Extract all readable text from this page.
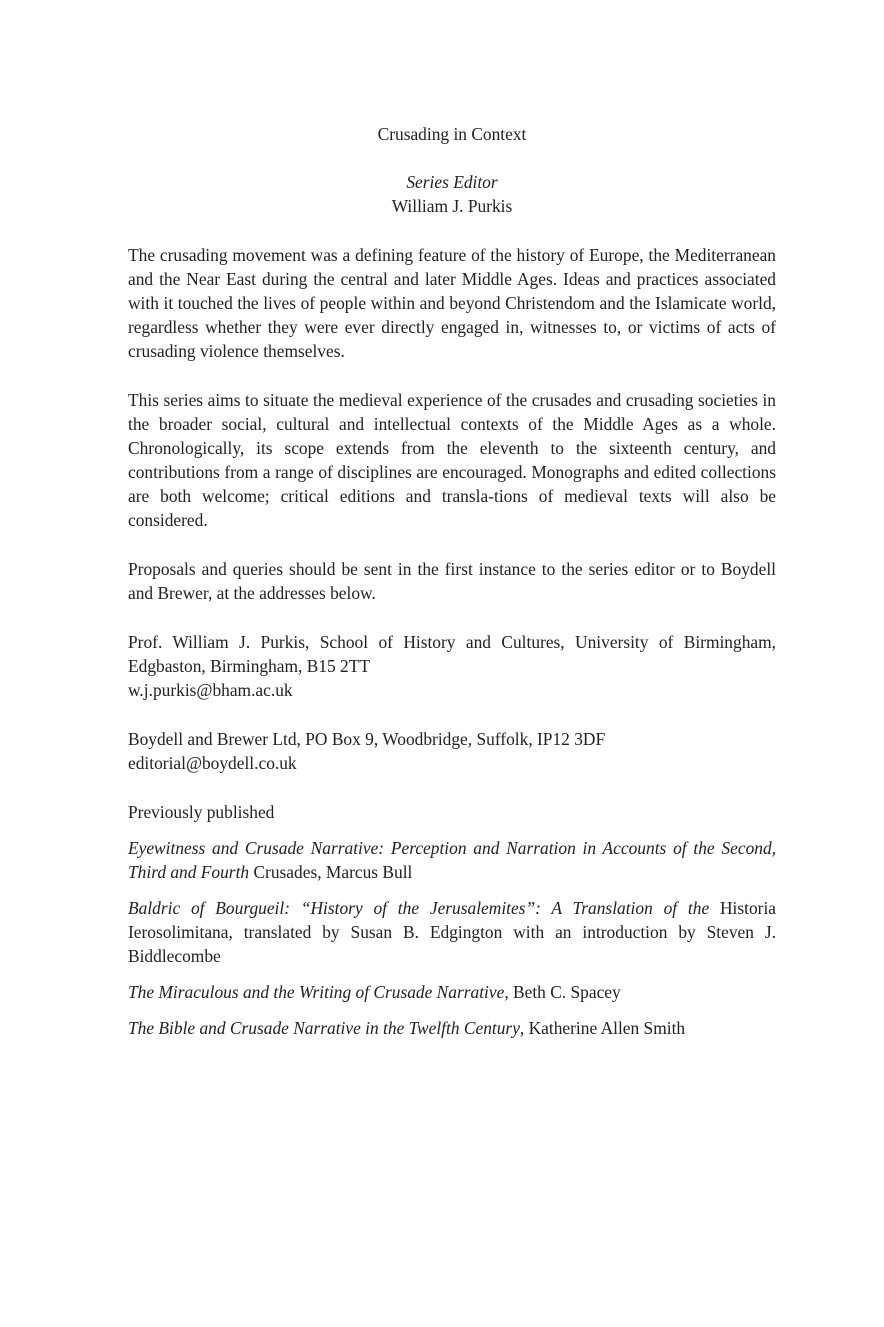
Crusading in Context
Series Editor
William J. Purkis

The crusading movement was a defining feature of the history of Europe, the Mediterranean and the Near East during the central and later Middle Ages. Ideas and practices associated with it touched the lives of people within and beyond Christendom and the Islamicate world, regardless whether they were ever directly engaged in, witnesses to, or victims of acts of crusading violence themselves.

This series aims to situate the medieval experience of the crusades and crusading societies in the broader social, cultural and intellectual contexts of the Middle Ages as a whole. Chronologically, its scope extends from the eleventh to the sixteenth century, and contributions from a range of disciplines are encouraged. Monographs and edited collections are both welcome; critical editions and transla-tions of medieval texts will also be considered.

Proposals and queries should be sent in the first instance to the series editor or to Boydell and Brewer, at the addresses below.

Prof. William J. Purkis, School of History and Cultures, University of Birmingham,
Edgbaston, Birmingham, B15 2TT
w.j.purkis@bham.ac.uk
Boydell and Brewer Ltd, PO Box 9, Woodbridge, Suffolk, IP12 3DF
editorial@boydell.co.uk
Previously published

Eyewitness and Crusade Narrative: Perception and Narration in Accounts of the Second, Third and Fourth Crusades, Marcus Bull

Baldric of Bourgueil: “History of the Jerusalemites”: A Translation of the Historia Ierosolimitana, translated by Susan B. Edgington with an introduction by Steven J. Biddlecombe

The Miraculous and the Writing of Crusade Narrative, Beth C. Spacey

The Bible and Crusade Narrative in the Twelfth Century, Katherine Allen Smith
